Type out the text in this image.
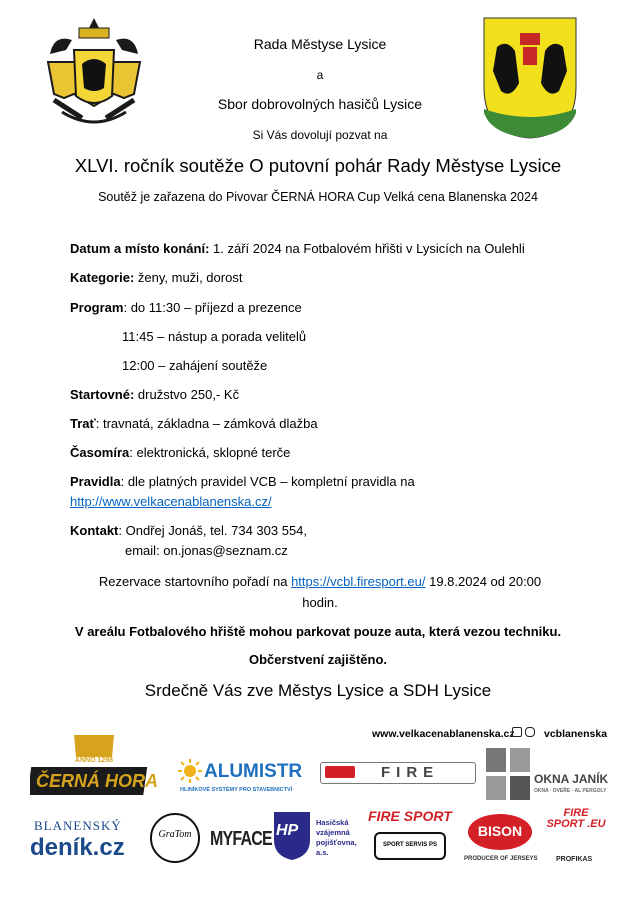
Rada Městyse Lysice
a
Sbor dobrovolných hasičů Lysice
Si Vás dovolují pozvat na
XLVI. ročník soutěže O putovní pohár Rady Městyse Lysice
Soutěž je zařazena do Pivovar ČERNÁ HORA Cup Velká cena Blanenska 2024
Datum a místo konání: 1. září 2024 na Fotbalovém hřišti v Lysicích na Oulehli
Kategorie: ženy, muži, dorost
Program: do 11:30 – příjezd a prezence
11:45 – nástup a porada velitelů
12:00 – zahájení soutěže
Startovné: družstvo 250,- Kč
Trať: travnatá, základna – zámková dlažba
Časomíra: elektronická, sklopné terče
Pravidla: dle platných pravidel VCB – kompletní pravidla na
http://www.velkacenablanenska.cz/
Kontakt: Ondřej Jonáš, tel. 734 303 554,
email: on.jonas@seznam.cz
Rezervace startovního pořadí na https://vcbl.firesport.eu/ 19.8.2024 od 20:00
hodin.
V areálu Fotbalového hřiště mohou parkovat pouze auta, která vezou techniku.
Občerstvení zajištěno.
Srdečně Vás zve Městys Lysice a SDH Lysice
www.velkacenablanenska.cz	vcblanenska
ANNO 1298
ČERNÁ HORA ALUMISTR
HLINÍKOVÉ SYSTÉMY PRO STAVEBNICTVÍ
FIRE	OKNA JANÍK
OKNA · DVEŘE · AL PERGOLY
BLANENSKÝ
deník.cz	GraTom MYFACE HP Hasičská vzájemná pojišťovna, a.s.
FIRE SPORT
SPORT SERVIS PS
BISON
PRODUCER OF JERSEYS
FIRE SPORT .EU
PROFIKAS
